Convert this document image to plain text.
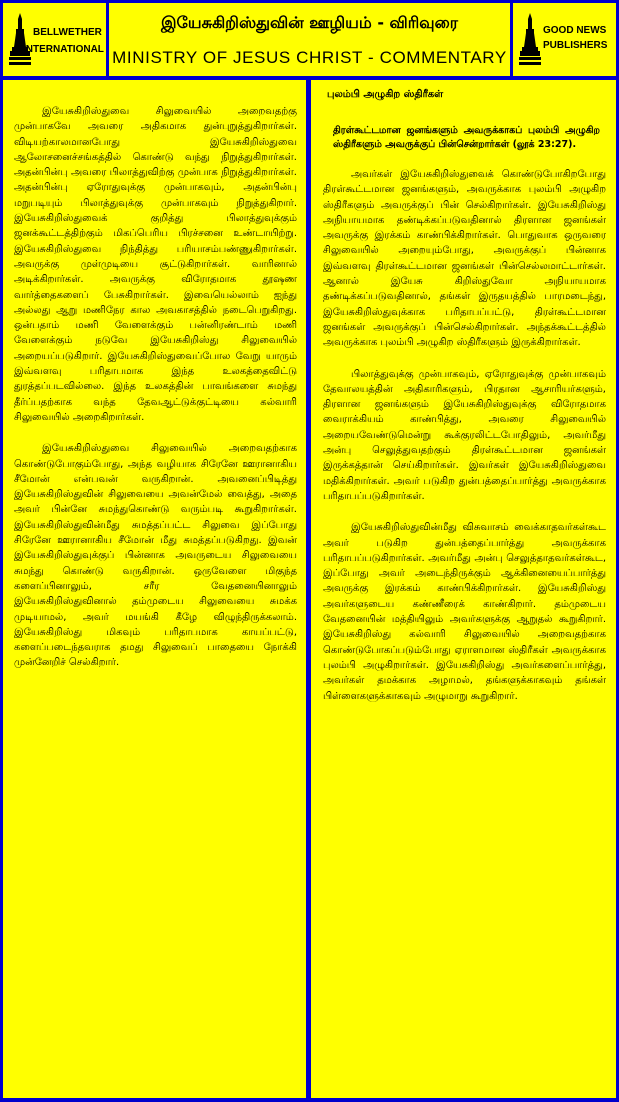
BELLWETHER
INTERNATIONAL
இயேசுகிறிஸ்துவின் ஊழியம் - விரிவுரை
MINISTRY OF JESUS CHRIST - COMMENTARY
GOOD NEWS
PUBLISHERS

இயேசுகிறிஸ்துவை சிலுவையில் அறைவதற்கு முன்பாகவே அவரை அதிகமாக துன்புறுத்துகிறார்கள். விடியற்காலமானபோது இயேசுகிறிஸ்துவை ஆலோசனைச்சங்கத்தில் கொண்டு வந்து நிறுத்துகிறார்கள். அதன்பின்பு அவரை பிலாத்துவிற்கு முன்பாக நிறுத்துகிறார்கள். அதன்பின்பு ஏரோதுவுக்கு முன்பாகவும், அதன்பின்பு மறுபடியும் பிலாத்துவுக்கு முன்பாகவும் நிறுத்துகிறார். இயேசுகிறிஸ்துவைக் குறித்து பிலாத்துவுக்கும் ஜனக்கூட்டத்திற்கும் மிகப்பெரிய பிரச்சனை உண்டாயிற்று. இயேசுகிறிஸ்துவை நிந்தித்து பரியாசம்பண்ணுகிறார்கள். அவருக்கு முள்முடியை சூட்டுகிறார்கள். வாரினால் அடிக்கிறார்கள். அவருக்கு விரோதமாக தூஷண வார்த்தைகளைப் பேசுகிறார்கள். இவையெல்லாம் ஐந்து அல்லது ஆறு மணிநேர கால அவகாசத்தில் நடைபெறுகிறது. ஒன்பதாம் மணி வேளைக்கும் பன்னிரண்டாம் மணி வேளைக்கும் நடுவே இயேசுகிறிஸ்து சிலுவையில் அறையப்படுகிறார். இயேசுகிறிஸ்துவைப்போல வேறு யாரும் இவ்வளவு பரிதாபமாக இந்த உலகத்தைவிட்டு துரத்தப்படவில்லை. இந்த உலகத்தின் பாவங்களை சுமந்து தீர்ப்பதற்காக வந்த தேவஆட்டுக்குட்டியை கல்வாரி சிலுவையில் அறைகிறார்கள்.

இயேசுகிறிஸ்துவை சிலுவையில் அறைவதற்காக கொண்டுபோகும்போது, அந்த வழியாக சிரேனே ஊரானாகிய சீமோன் என்பவன் வருகிறான். அவனைப்பிடித்து இயேசுகிறிஸ்துவின் சிலுவையை அவன்மேல் வைத்து, அதை அவர் பின்னே சுமந்துகொண்டு வரும்படி கூறுகிறார்கள். இயேசுகிறிஸ்துவின்மீது சுமத்தப்பட்ட சிலுவை இப்போது சிரேனே ஊரானாகிய சீமோன் மீது சுமத்தப்படுகிறது. இவன் இயேசுகிறிஸ்துவுக்குப் பின்னாக அவருடைய சிலுவையை சுமந்து கொண்டு வருகிறான். ஒருவேளை மிகுந்த களைப்பினாலும், சரீர வேதனையினாலும் இயேசுகிறிஸ்துவினால் தம்முடைய சிலுவையை சுமக்க முடியாமல், அவர் மயங்கி கீழே விழுந்திருக்கலாம். இயேசுகிறிஸ்து மிகவும் பரிதாபமாக காயப்பட்டு, களைப்படைந்தவராக தமது சிலுவைப் பாதையை நோக்கி முன்னேறிச் செல்கிறார்.

புலம்பி அழுகிற ஸ்திரீகள்
திரள்கூட்டமான ஜனங்களும் அவருக்காகப் புலம்பி அழுகிற ஸ்திரீகளும் அவருக்குப் பின்சென்றார்கள் (லூக் 23:27).

அவர்கள் இயேசுகிறிஸ்துவைக் கொண்டுபோகிறபோது திரள்கூட்டமான ஜனங்களும், அவருக்காக புலம்பி அழுகிற ஸ்திரீகளும் அவருக்குப் பின் செல்கிறார்கள். இயேசுகிறிஸ்து அநியாயமாக தண்டிக்கப்படுவதினால் திரளான ஜனங்கள் அவருக்கு இரக்கம் காண்பிக்கிறார்கள். பொதுவாக ஒருவரை சிலுவையில் அறையும்போது, அவருக்குப் பின்னாக இவ்வளவு திரள்கூட்டமான ஜனங்கள் பின்செல்லமாட்டார்கள். ஆனால் இயேசு கிறிஸ்துவோ அநியாயமாக தண்டிக்கப்படுவதினால், தங்கள் இருதயத்தில் பாரமடைந்து, இயேசுகிறிஸ்துவுக்காக பரிதாபப்பட்டு, திரள்கூட்டமான ஜனங்கள் அவருக்குப் பின்செல்கிறார்கள். அந்தக்கூட்டத்தில் அவருக்காக புலம்பி அழுகிற ஸ்திரீகளும் இருக்கிறார்கள்.

பிலாத்துவுக்கு முன்பாகவும், ஏரோதுவுக்கு முன்பாகவும் தேவாலயத்தின் அதிகாரிகளும், பிரதான ஆசாரியர்களும், திரளான ஜனங்களும் இயேசுகிறிஸ்துவுக்கு விரோதமாக வைராக்கியம் காண்பித்து, அவரை சிலுவையில் அறையவேண்டுமென்று கூக்குரலிட்டபோதிலும், அவர்மீது அன்பு செலுத்துவதற்கும் திரள்கூட்டமான ஜனங்கள் இருக்கத்தான் செய்கிறார்கள். இவர்கள் இயேசுகிறிஸ்துவை மதிக்கிறார்கள். அவர் படுகிற துன்பத்தைப்பார்த்து அவருக்காக பரிதாபப்படுகிறார்கள்.

இயேசுகிறிஸ்துவின்மீது விசுவாசம் வைக்காதவர்கள்கூட அவர் படுகிற துன்பத்தைப்பார்த்து அவருக்காக பரிதாபப்படுகிறார்கள். அவர்மீது அன்பு செலுத்தாதவர்கள்கூட, இப்போது அவர் அடைந்திருக்கும் ஆக்கினையைப்பார்த்து அவருக்கு இரக்கம் காண்பிக்கிறார்கள். இயேசுகிறிஸ்து அவர்களுடைய கண்ணீரைக் காண்கிறார். தம்முடைய வேதனையின் மத்தியிலும் அவர்களுக்கு ஆறுதல் கூறுகிறார். இயேசுகிறிஸ்து கல்வாரி சிலுவையில் அறைவதற்காக கொண்டுபோகப்படும்போது ஏராளமான ஸ்திரீகள் அவருக்காக புலம்பி அழுகிறார்கள். இயேசுகிறிஸ்து அவர்களைப்பார்த்து, அவர்கள் தமக்காக அழாமல், தங்களுக்காகவும் தங்கள் பிள்ளைகளுக்காகவும் அழுமாறு கூறுகிறார்.
